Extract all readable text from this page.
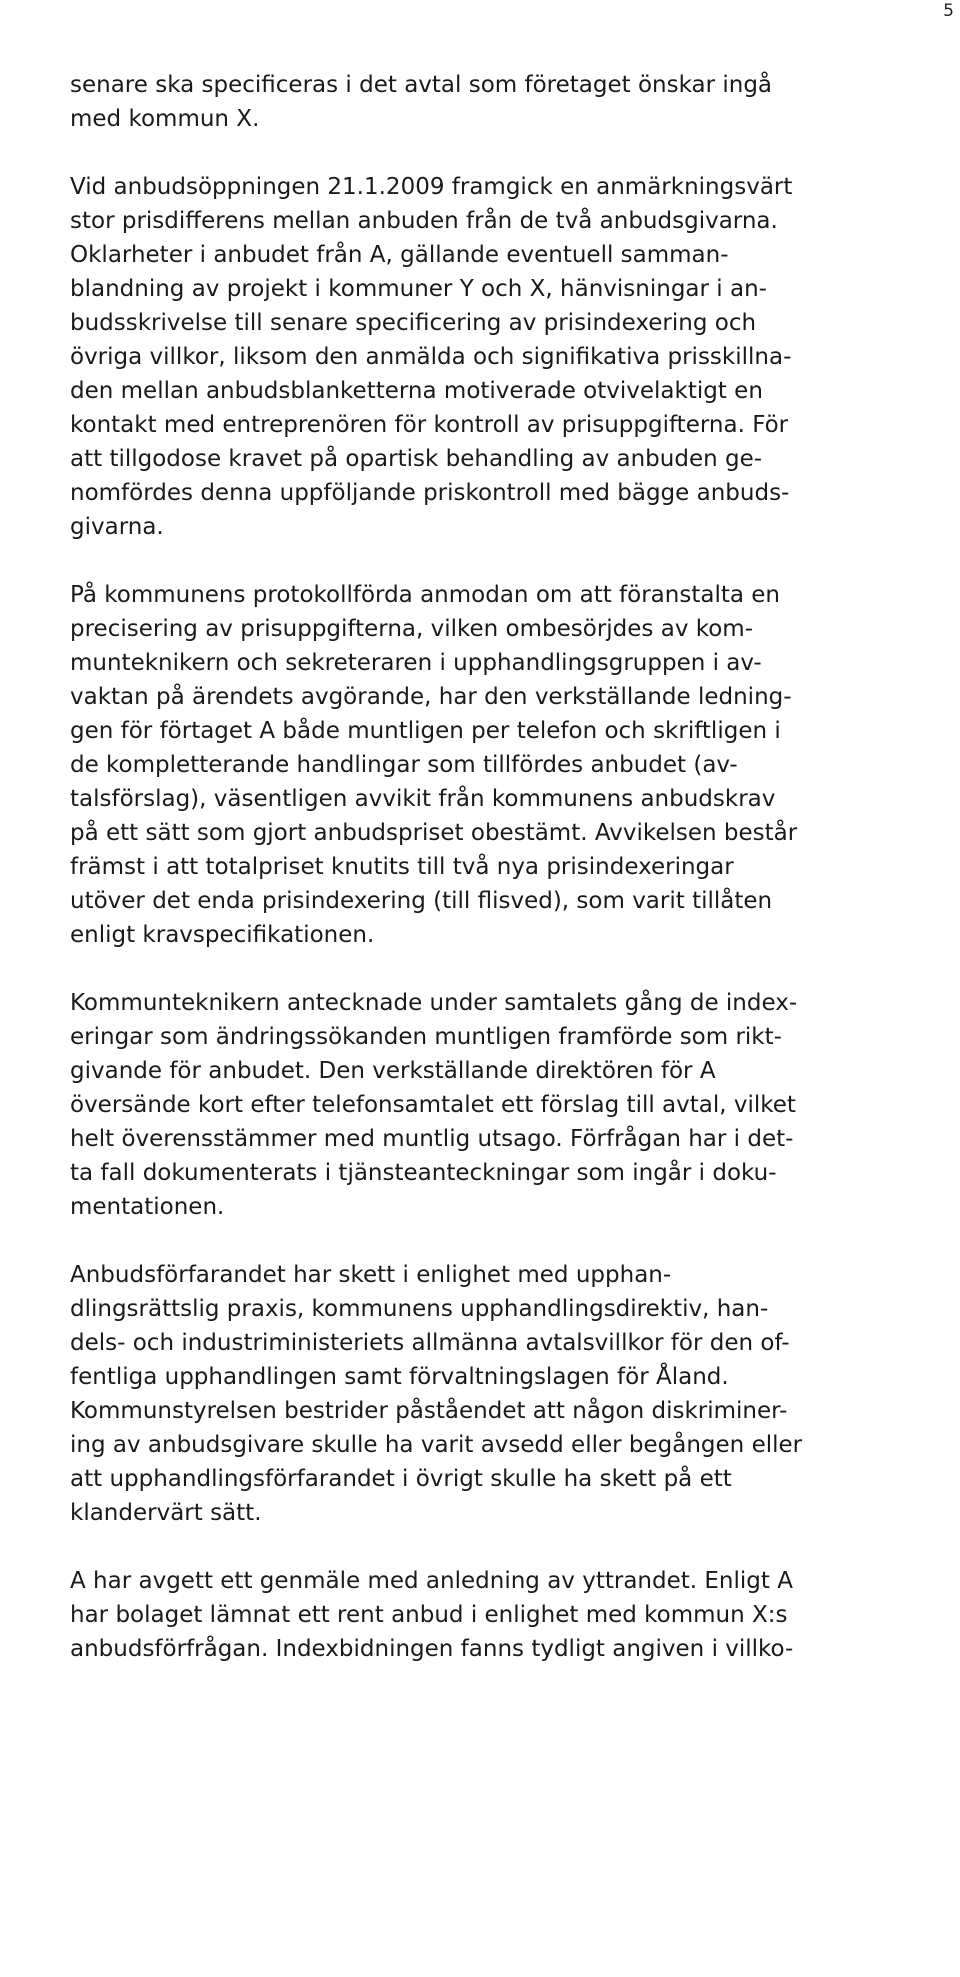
5
senare ska specificeras i det avtal som företaget önskar ingå
med kommun X.
Vid anbudsöppningen 21.1.2009 framgick en anmärkningsvärt
stor prisdifferens mellan anbuden från de två anbudsgivarna.
Oklarheter i anbudet från A, gällande eventuell samman-
blandning av projekt i kommuner Y och X, hänvisningar i an-
budsskrivelse till senare specificering av prisindexering och
övriga villkor, liksom den anmälda och signifikativa prisskillna-
den mellan anbudsblanketterna motiverade otvivelaktigt en
kontakt med entreprenören för kontroll av prisuppgifterna. För
att tillgodose kravet på opartisk behandling av anbuden ge-
nomfördes denna uppföljande priskontroll med bägge anbuds-
givarna.
På kommunens protokollförda anmodan om att föranstalta en
precisering av prisuppgifterna, vilken ombesörjdes av kom-
munteknikern och sekreteraren i upphandlingsgruppen i av-
vaktan på ärendets avgörande, har den verkställande ledning-
gen för förtaget A både muntligen per telefon och skriftligen i
de kompletterande handlingar som tillfördes anbudet (av-
talsförslag), väsentligen avvikit från kommunens anbudskrav
på ett sätt som gjort anbudspriset obestämt. Avvikelsen består
främst i att totalpriset knutits till två nya prisindexeringar
utöver det enda prisindexering (till flisved), som varit tillåten
enligt kravspecifikationen.
Kommunteknikern antecknade under samtalets gång de index-
eringar som ändringssökanden muntligen framförde som rikt-
givande för anbudet. Den verkställande direktören för A
översände kort efter telefonsamtalet ett förslag till avtal, vilket
helt överensstämmer med muntlig utsago. Förfrågan har i det-
ta fall dokumenterats i tjänsteanteckningar som ingår i doku-
mentationen.
Anbudsförfarandet har skett i enlighet med upphan-
dlingsrättslig praxis, kommunens upphandlingsdirektiv, han-
dels- och industriministeriets allmänna avtalsvillkor för den of-
fentliga upphandlingen samt förvaltningslagen för Åland.
Kommunstyrelsen bestrider påståendet att någon diskriminer-
ing av anbudsgivare skulle ha varit avsedd eller begången eller
att upphandlingsförfarandet i övrigt skulle ha skett på ett
klandervärt sätt.
A har avgett ett genmäle med anledning av yttrandet. Enligt A
har bolaget lämnat ett rent anbud i enlighet med kommun X:s
anbudsförfrågan. Indexbidningen fanns tydligt angiven i villko-
